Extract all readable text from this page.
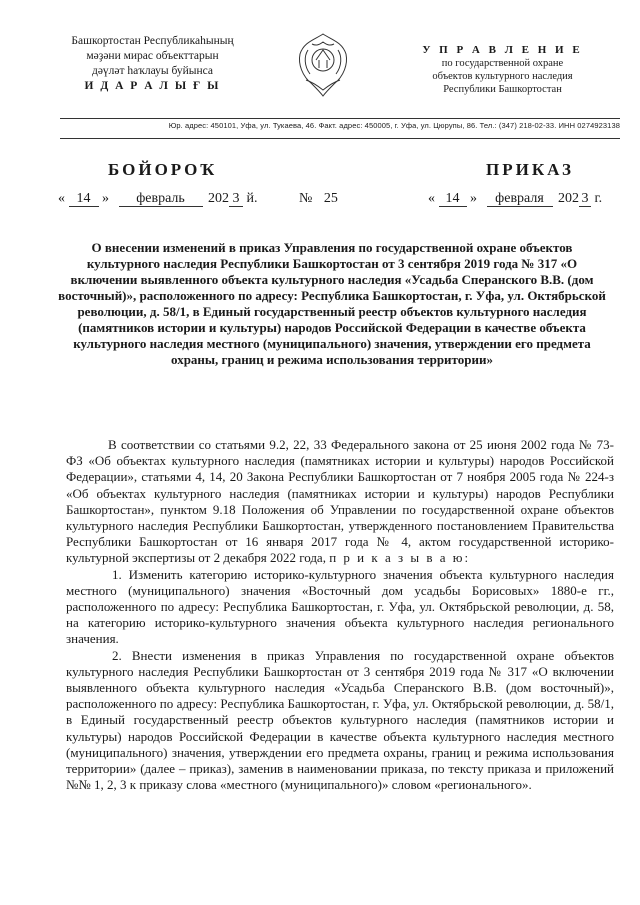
Башкортостан Республикаһының
мәҙәни мирас объекттарын
дәүләт һаҡлауы буйынса
И Д А Р А Л Ы Ғ Ы
У П Р А В Л Е Н И Е
по государственной охране
объектов культурного наследия
Республики Башкортостан
Юр. адрес: 450101, Уфа, ул. Тукаева, 46. Факт. адрес: 450005, г. Уфа, ул. Цюрупы, 86. Тел.: (347) 218-02-33. ИНН 0274923138
БОЙОРОҠ	ПРИКАЗ
« 14 » февраль 202 3 й.	№ 25	« 14 » февраля 202 3 г.
О внесении изменений в приказ Управления по государственной охране объектов культурного наследия Республики Башкортостан от 3 сентября 2019 года № 317 «О включении выявленного объекта культурного наследия «Усадьба Сперанского В.В. (дом восточный)», расположенного по адресу: Республика Башкортостан, г. Уфа, ул. Октябрьской революции, д. 58/1, в Единый государственный реестр объектов культурного наследия (памятников истории и культуры) народов Российской Федерации в качестве объекта культурного наследия местного (муниципального) значения, утверждении его предмета охраны, границ и режима использования территории»

В соответствии со статьями 9.2, 22, 33 Федерального закона от 25 июня 2002 года № 73-ФЗ «Об объектах культурного наследия (памятниках истории и культуры) народов Российской Федерации», статьями 4, 14, 20 Закона Республики Башкортостан от 7 ноября 2005 года № 224-з «Об объектах культурного наследия (памятниках истории и культуры) народов Республики Башкортостан», пунктом 9.18 Положения об Управлении по государственной охране объектов культурного наследия Республики Башкортостан, утвержденного постановлением Правительства Республики Башкортостан от 16 января 2017 года № 4, актом государственной историко-культурной экспертизы от 2 декабря 2022 года, п р и к а з ы в а ю:

1. Изменить категорию историко-культурного значения объекта культурного наследия местного (муниципального) значения «Восточный дом усадьбы Борисовых» 1880-е гг., расположенного по адресу: Республика Башкортостан, г. Уфа, ул. Октябрьской революции, д. 58, на категорию историко-культурного значения объекта культурного наследия регионального значения.

2. Внести изменения в приказ Управления по государственной охране объектов культурного наследия Республики Башкортостан от 3 сентября 2019 года № 317 «О включении выявленного объекта культурного наследия «Усадьба Сперанского В.В. (дом восточный)», расположенного по адресу: Республика Башкортостан, г. Уфа, ул. Октябрьской революции, д. 58/1, в Единый государственный реестр объектов культурного наследия (памятников истории и культуры) народов Российской Федерации в качестве объекта культурного наследия местного (муниципального) значения, утверждении его предмета охраны, границ и режима использования территории» (далее – приказ), заменив в наименовании приказа, по тексту приказа и приложений №№ 1, 2, 3 к приказу слова «местного (муниципального)» словом «регионального».
